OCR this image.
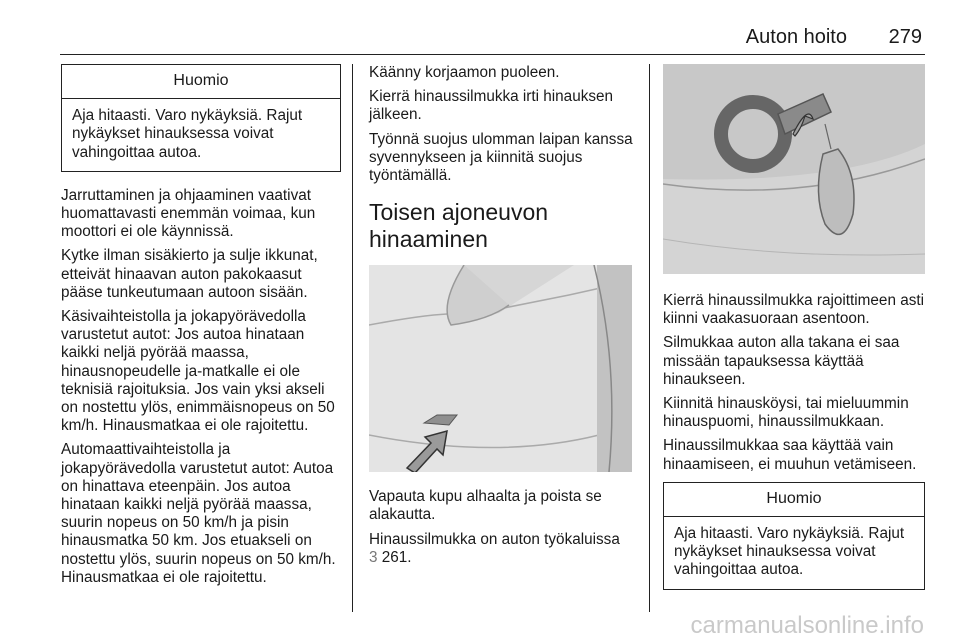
Auton hoito 279
Huomio
Aja hitaasti. Varo nykäyksiä. Rajut nykäykset hinauksessa voivat vahingoittaa autoa.

Jarruttaminen ja ohjaaminen vaativat huomattavasti enemmän voimaa, kun moottori ei ole käynnissä.

Kytke ilman sisäkierto ja sulje ikkunat, etteivät hinaavan auton pakokaasut pääse tunkeutumaan autoon sisään.

Käsivaihteistolla ja jokapyörävedolla varustetut autot: Jos autoa hinataan kaikki neljä pyörää maassa, hinausnopeudelle ja-matkalle ei ole teknisiä rajoituksia. Jos vain yksi akseli on nostettu ylös, enimmäisnopeus on 50 km/h. Hinausmatkaa ei ole rajoitettu.

Automaattivaihteistolla ja jokapyörävedolla varustetut autot: Autoa on hinattava eteenpäin. Jos autoa hinataan kaikki neljä pyörää maassa, suurin nopeus on 50 km/h ja pisin hinausmatka 50 km. Jos etuakseli on nostettu ylös, suurin nopeus on 50 km/h. Hinausmatkaa ei ole rajoitettu.

Käänny korjaamon puoleen.

Kierrä hinaussilmukka irti hinauksen jälkeen.

Työnnä suojus ulomman laipan kanssa syvennykseen ja kiinnitä suojus työntämällä.

Toisen ajoneuvon hinaaminen

Vapauta kupu alhaalta ja poista se alakautta.

Hinaussilmukka on auton työkaluissa
3 261.

Kierrä hinaussilmukka rajoittimeen asti kiinni vaakasuoraan asentoon.

Silmukkaa auton alla takana ei saa missään tapauksessa käyttää hinaukseen.

Kiinnitä hinausköysi, tai mieluummin hinauspuomi, hinaussilmukkaan.

Hinaussilmukkaa saa käyttää vain hinaamiseen, ei muuhun vetämiseen.

Huomio
Aja hitaasti. Varo nykäyksiä. Rajut nykäykset hinauksessa voivat vahingoittaa autoa.
carmanualsonline.info
